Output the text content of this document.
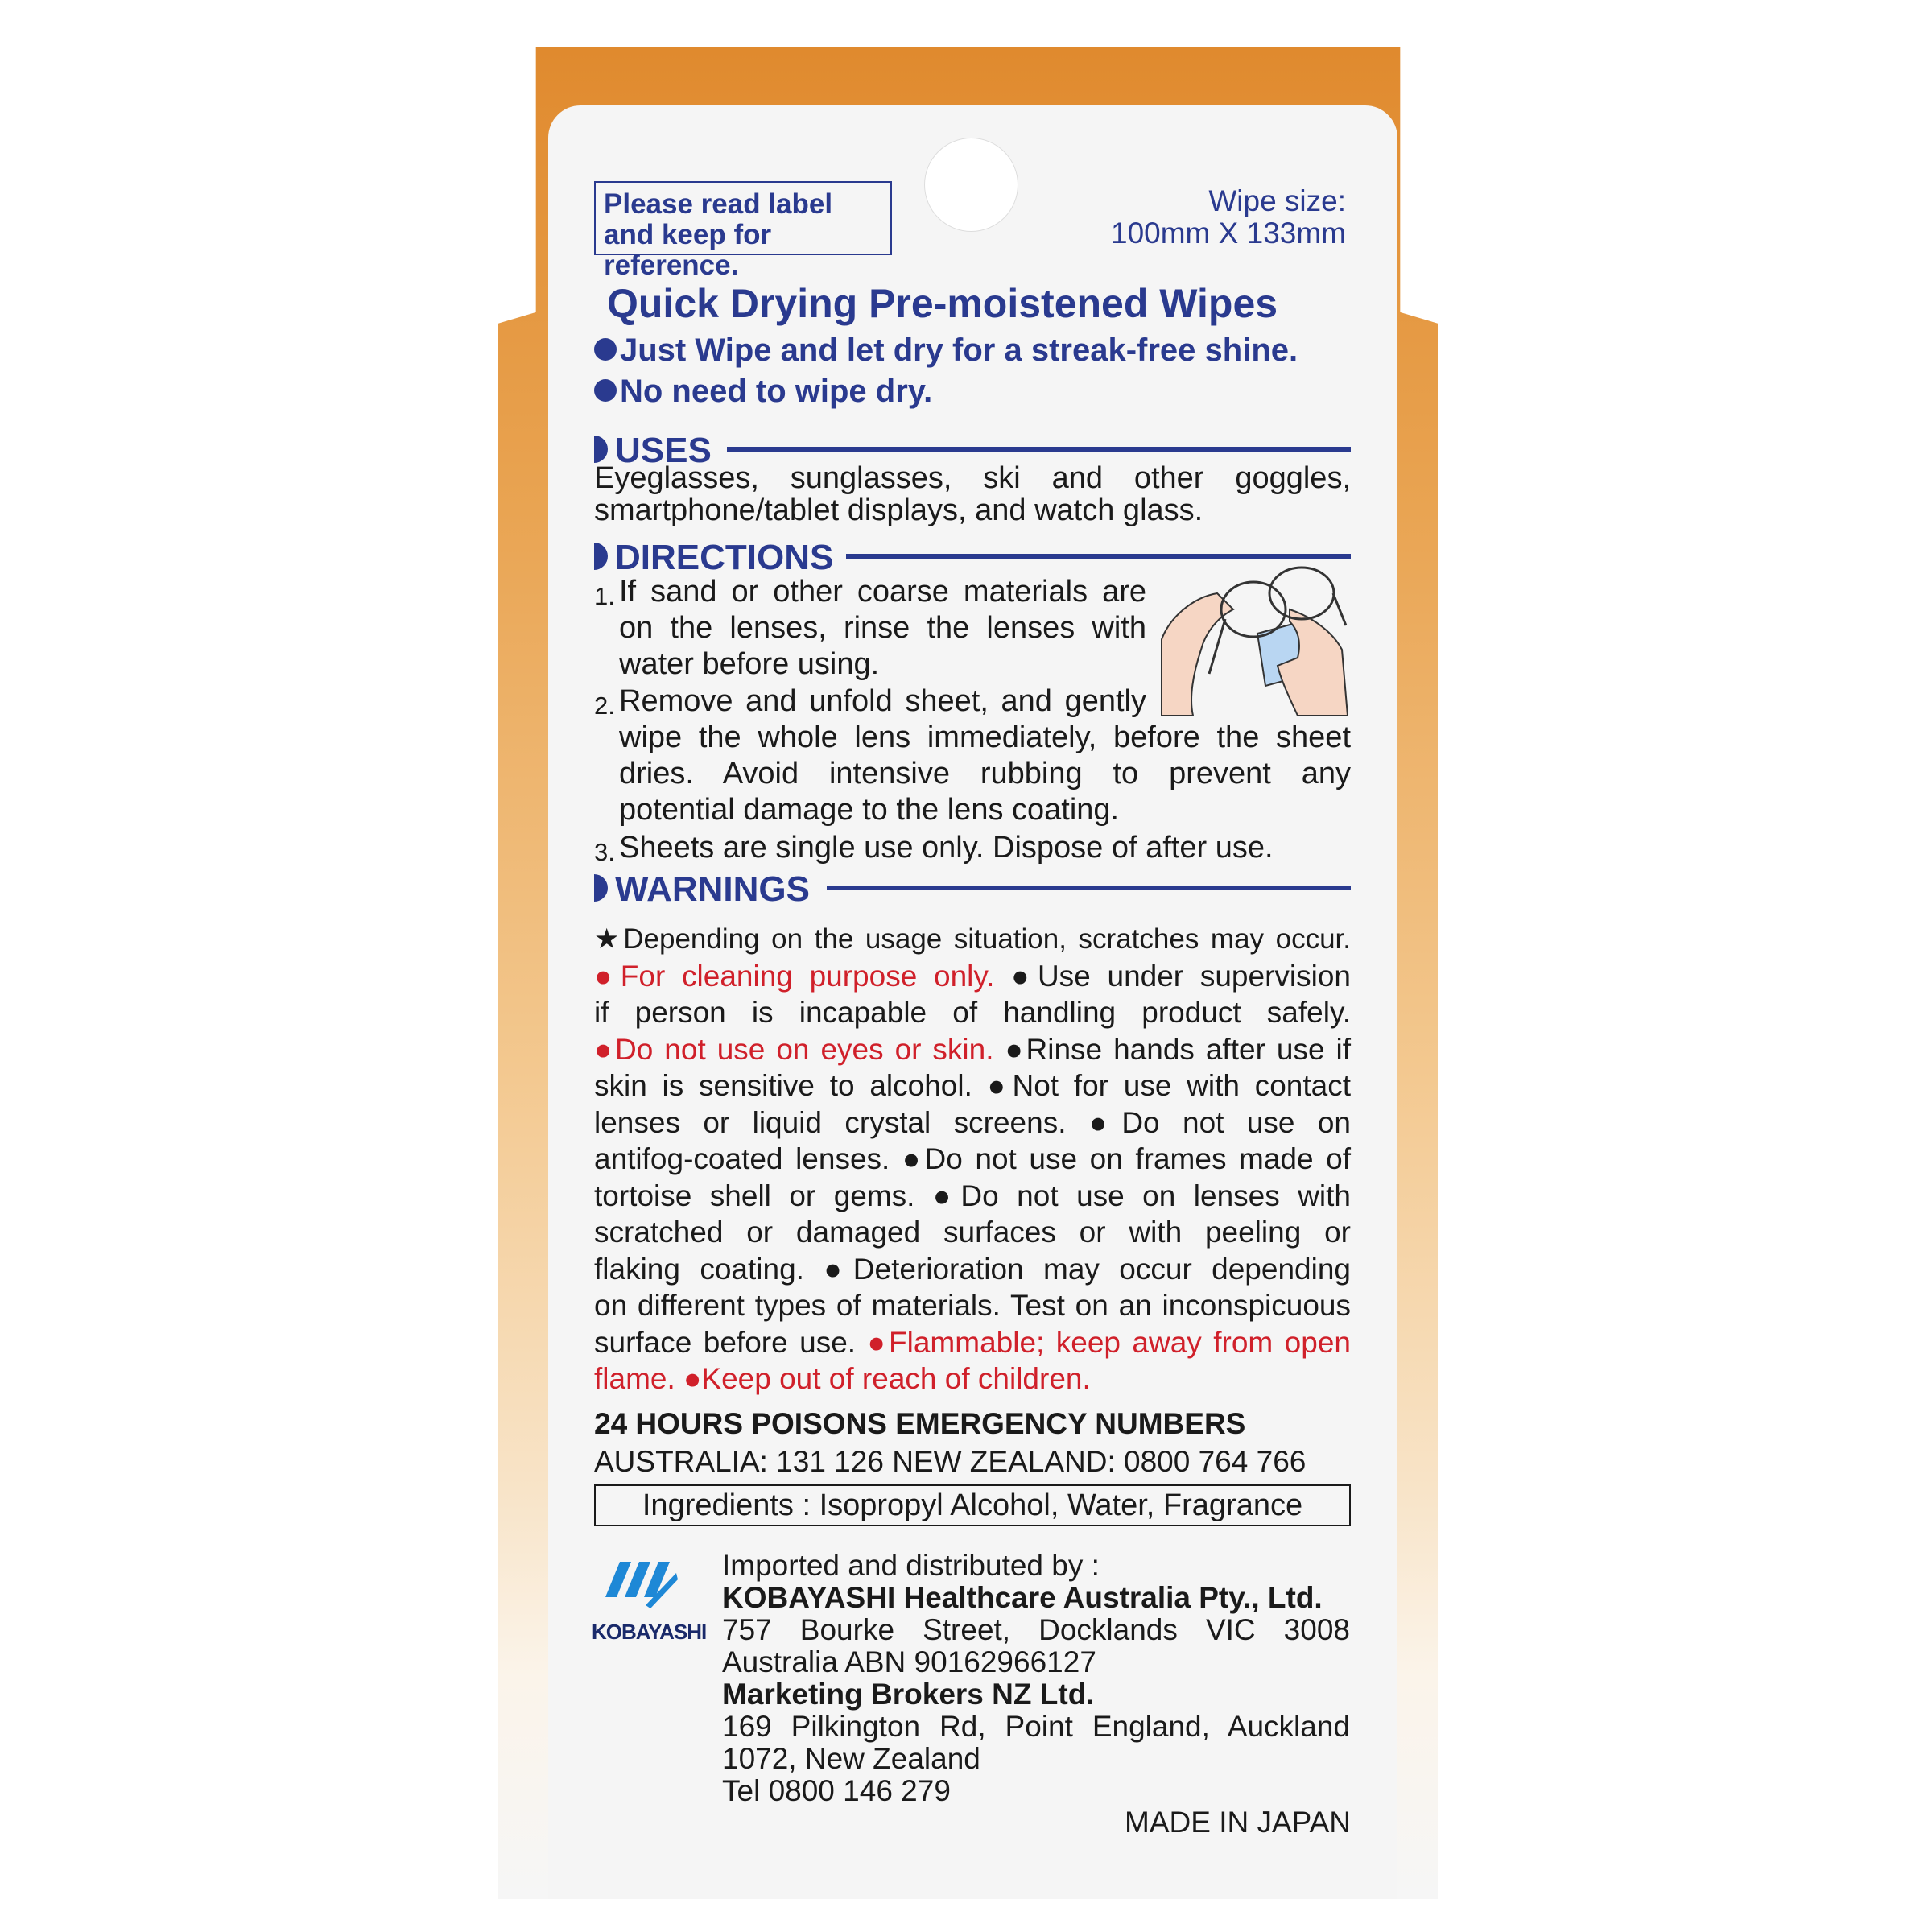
Please read label and keep for reference.
Wipe size:
100mm X 133mm
Quick Drying Pre-moistened Wipes
Just Wipe and let dry for a streak-free shine.
No need to wipe dry.
USES
Eyeglasses, sunglasses, ski and other goggles,
smartphone/tablet displays, and watch glass.
DIRECTIONS
1. If sand or other coarse materials are
on the lenses, rinse the lenses with
water before using.
2. Remove and unfold sheet, and gently
wipe the whole lens immediately, before the sheet
dries. Avoid intensive rubbing to prevent any
potential damage to the lens coating.
3. Sheets are single use only. Dispose of after use.
WARNINGS
★Depending on the usage situation, scratches may occur.
●For cleaning purpose only. ●Use under supervision
if person is incapable of handling product safely.
●Do not use on eyes or skin. ●Rinse hands after use if
skin is sensitive to alcohol. ●Not for use with contact
lenses or liquid crystal screens. ●Do not use on
antifog-coated lenses. ●Do not use on frames made of
tortoise shell or gems. ●Do not use on lenses with
scratched or damaged surfaces or with peeling or
flaking coating. ●Deterioration may occur depending
on different types of materials. Test on an inconspicuous
surface before use. ●Flammable; keep away from open
flame. ●Keep out of reach of children.
24 HOURS POISONS EMERGENCY NUMBERS
AUSTRALIA: 131 126 NEW ZEALAND: 0800 764 766
Ingredients : Isopropyl Alcohol, Water, Fragrance
KOBAYASHI
Imported and distributed by :
KOBAYASHI Healthcare Australia Pty., Ltd.
757 Bourke Street, Docklands VIC 3008
Australia ABN 90162966127
Marketing Brokers NZ Ltd.
169 Pilkington Rd, Point England, Auckland
1072, New Zealand
Tel 0800 146 279
MADE IN JAPAN
